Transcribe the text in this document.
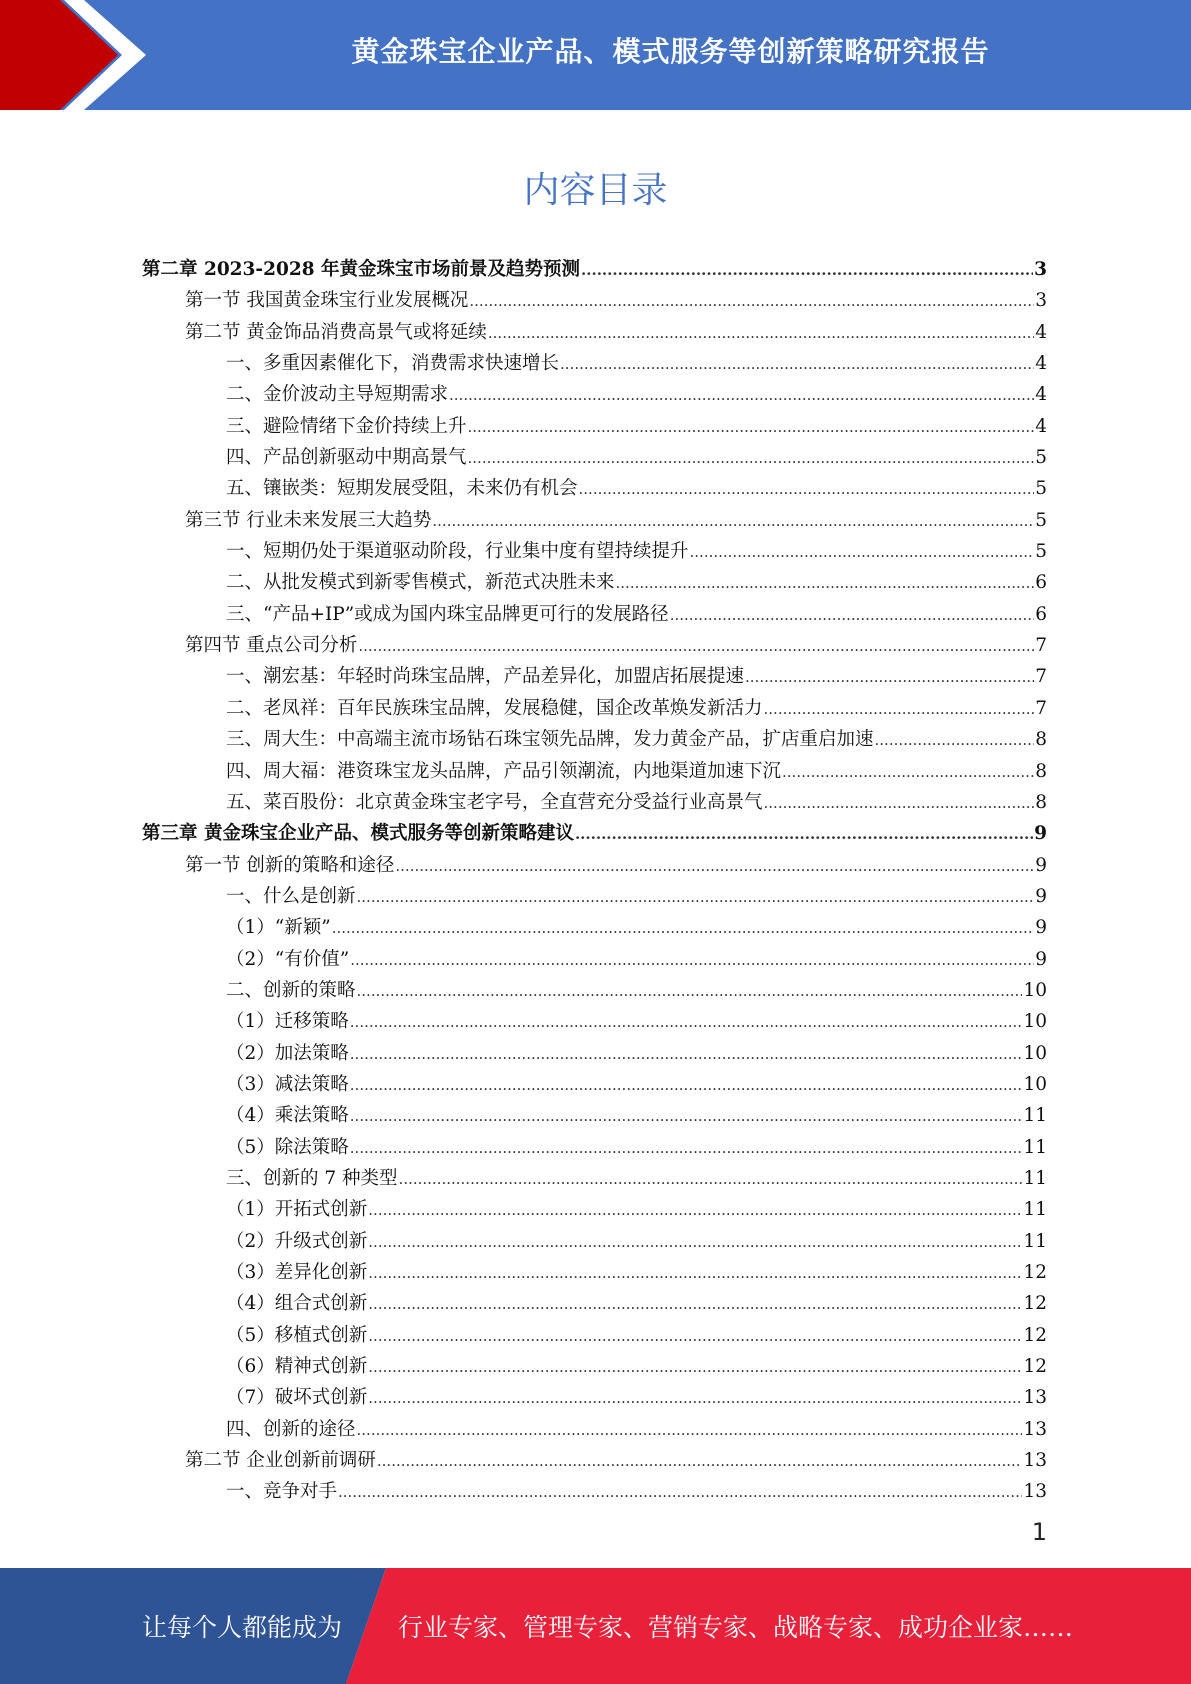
黄金珠宝企业产品、模式服务等创新策略研究报告
内容目录
第二章 2023-2028 年黄金珠宝市场前景及趋势预测 .....	3
第一节 我国黄金珠宝行业发展概况 .....	3
第二节 黄金饰品消费高景气或将延续 .....	4
一、多重因素催化下，消费需求快速增长 .....	4
二、金价波动主导短期需求 .....	4
三、避险情绪下金价持续上升 .....	4
四、产品创新驱动中期高景气 .....	5
五、镶嵌类：短期发展受阻，未来仍有机会 .....	5
第三节 行业未来发展三大趋势 .....	5
一、短期仍处于渠道驱动阶段，行业集中度有望持续提升 .....	5
二、从批发模式到新零售模式，新范式决胜未来 .....	6
三、“产品+IP”或成为国内珠宝品牌更可行的发展路径 .....	6
第四节 重点公司分析 .....	7
一、潮宏基：年轻时尚珠宝品牌，产品差异化，加盟店拓展提速 .....	7
二、老凤祥：百年民族珠宝品牌，发展稳健，国企改革焕发新活力 .....	7
三、周大生：中高端主流市场钻石珠宝领先品牌，发力黄金产品，扩店重启加速 .....	8
四、周大福：港资珠宝龙头品牌，产品引领潮流，内地渠道加速下沉 .....	8
五、菜百股份：北京黄金珠宝老字号，全直营充分受益行业高景气 .....	8
第三章 黄金珠宝企业产品、模式服务等创新策略建议 .....	9
第一节 创新的策略和途径 .....	9
一、什么是创新 .....	9
（1）“新颖” .....	9
（2）“有价值” .....	9
二、创新的策略 .....	10
（1）迁移策略 .....	10
（2）加法策略 .....	10
（3）减法策略 .....	10
（4）乘法策略 .....	11
（5）除法策略 .....	11
三、创新的 7 种类型 .....	11
（1）开拓式创新 .....	11
（2）升级式创新 .....	11
（3）差异化创新 .....	12
（4）组合式创新 .....	12
（5）移植式创新 .....	12
（6）精神式创新 .....	12
（7）破坏式创新 .....	13
四、创新的途径 .....	13
第二节 企业创新前调研 .....	13
一、竞争对手 .....	13
1
让每个人都能成为 行业专家、管理专家、营销专家、战略专家、成功企业家……
